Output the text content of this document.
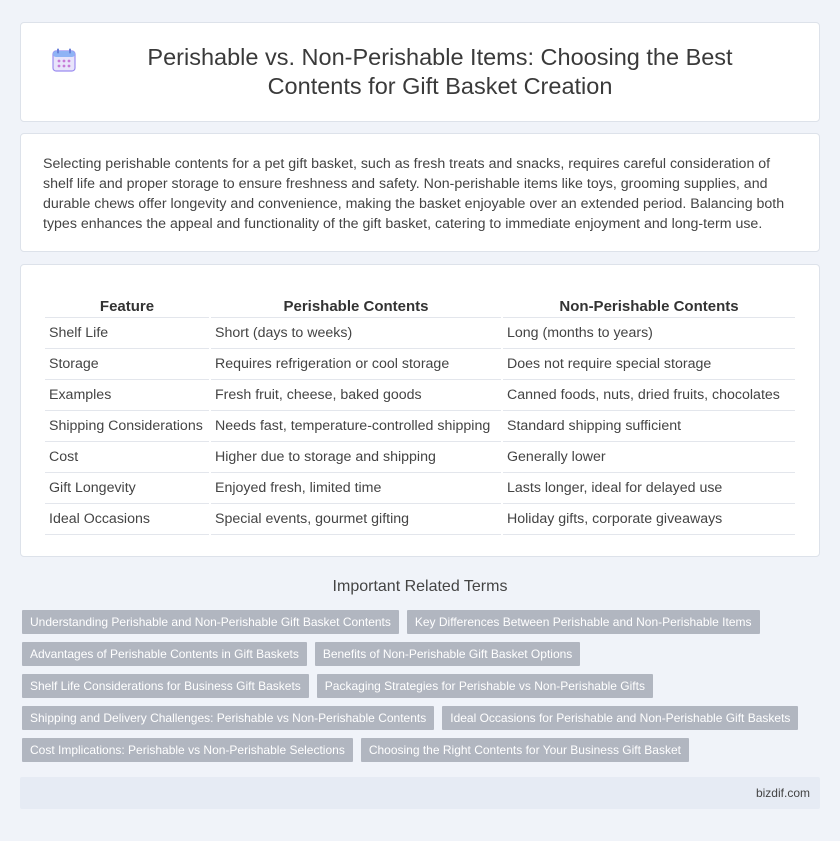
Perishable vs. Non-Perishable Items: Choosing the Best Contents for Gift Basket Creation

Selecting perishable contents for a pet gift basket, such as fresh treats and snacks, requires careful consideration of shelf life and proper storage to ensure freshness and safety. Non-perishable items like toys, grooming supplies, and durable chews offer longevity and convenience, making the basket enjoyable over an extended period. Balancing both types enhances the appeal and functionality of the gift basket, catering to immediate enjoyment and long-term use.

Feature	Perishable Contents	Non-Perishable Contents
Shelf Life	Short (days to weeks)	Long (months to years)
Storage	Requires refrigeration or cool storage	Does not require special storage
Examples	Fresh fruit, cheese, baked goods	Canned foods, nuts, dried fruits, chocolates
Shipping Considerations	Needs fast, temperature-controlled shipping	Standard shipping sufficient
Cost	Higher due to storage and shipping	Generally lower
Gift Longevity	Enjoyed fresh, limited time	Lasts longer, ideal for delayed use
Ideal Occasions	Special events, gourmet gifting	Holiday gifts, corporate giveaways
Important Related Terms
Understanding Perishable and Non-Perishable Gift Basket Contents	Key Differences Between Perishable and Non-Perishable Items
Advantages of Perishable Contents in Gift Baskets	Benefits of Non-Perishable Gift Basket Options
Shelf Life Considerations for Business Gift Baskets	Packaging Strategies for Perishable vs Non-Perishable Gifts
Shipping and Delivery Challenges: Perishable vs Non-Perishable Contents	Ideal Occasions for Perishable and Non-Perishable Gift Baskets
Cost Implications: Perishable vs Non-Perishable Selections	Choosing the Right Contents for Your Business Gift Basket
bizdif.com
